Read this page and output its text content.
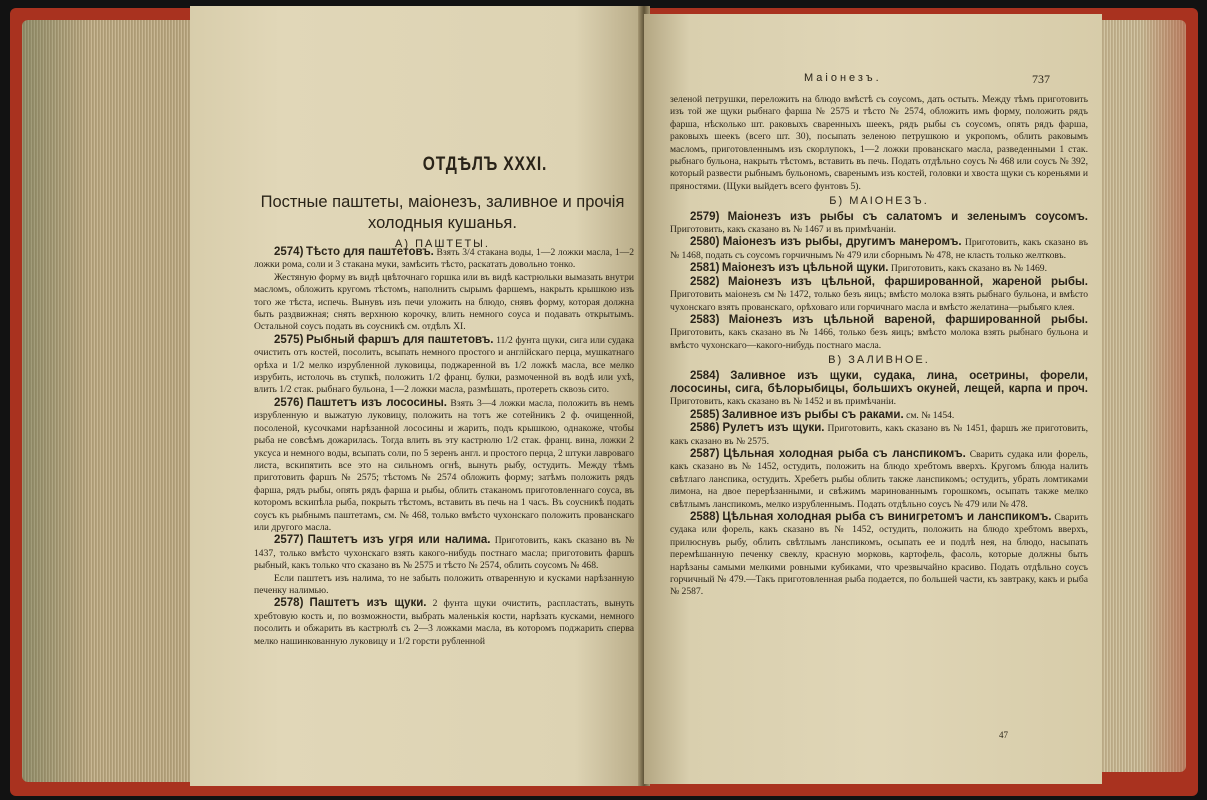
ОТДѢЛЪ XXXI.
Постные паштеты, маіонезъ, заливное и прочія холодныя кушанья.
А) ПАШТЕТЫ.

2574) Тѣсто для паштетовъ. Взять 3/4 стакана воды, 1—2 ложки масла, 1—2 ложки рома, соли и 3 стакана муки, замѣсить тѣсто, раскатать довольно тонко.

Жестяную форму въ видѣ цвѣточнаго горшка или въ видѣ кастрюльки вымазать внутри масломъ, обложить кругомъ тѣстомъ, наполнить сырымъ фаршемъ, накрыть крышкою изъ того же тѣста, испечь. Вынувъ изъ печи уложить на блюдо, снявъ форму, которая должна быть раздвижная; снять верхнюю корочку, влить немного соуса и подавать открытымъ. Остальной соусъ подать въ соусникѣ см. отдѣлъ XI.

2575) Рыбный фаршъ для паштетовъ. 11/2 фунта щуки, сига или судака очистить отъ костей, посолить, всыпать немного простого и англійскаго перца, мушкатнаго орѣха и 1/2 мелко изрубленной луковицы, поджаренной въ 1/2 ложкѣ масла, все мелко изрубить, истолочь въ ступкѣ, положить 1/2 франц. булки, размоченной въ водѣ или ухѣ, влить 1/2 стак. рыбнаго бульона, 1—2 ложки масла, размѣшать, протереть сквозь сито.

2576) Паштетъ изъ лососины. Взять 3—4 ложки масла, положить въ немъ изрубленную и выжатую луковицу, положить на тотъ же сотейникъ 2 ф. очищенной, посоленой, кусочками нарѣзанной лососины и жарить, подъ крышкою, однакоже, чтобы рыба не совсѣмъ дожарилась. Тогда влить въ эту кастрюлю 1/2 стак. франц. вина, ложки 2 уксуса и немного воды, всыпать соли, по 5 зеренъ англ. и простого перца, 2 штуки лавроваго листа, вскипятить все это на сильномъ огнѣ, вынуть рыбу, остудить. Между тѣмъ приготовить фаршъ № 2575; тѣстомъ № 2574 обложить форму; затѣмъ положить рядъ фарша, рядъ рыбы, опять рядъ фарша и рыбы, облить стаканомъ приготовленнаго соуса, въ которомъ вскипѣла рыба, покрыть тѣстомъ, вставить въ печь на 1 часъ. Въ соусникѣ подать соусъ къ рыбнымъ паштетамъ, см. № 468, только вмѣсто чухонскаго положить прованскаго или другого масла.

2577) Паштетъ изъ угря или налима. Приготовить, какъ сказано въ № 1437, только вмѣсто чухонскаго взять какого-нибудь постнаго масла; приготовить фаршъ рыбный, какъ только что сказано въ № 2575 и тѣсто № 2574, облить соусомъ № 468.

Если паштетъ изъ налима, то не забыть положить отваренную и кусками нарѣзанную печенку налимью.

2578) Паштетъ изъ щуки. 2 фунта щуки очистить, распластать, вынуть хребтовую кость и, по возможности, выбрать маленькія кости, нарѣзать кусками, немного посолить и обжарить въ кастрюлѣ съ 2—3 ложками масла, въ которомъ поджарить сперва мелко нашинкованную луковицу и 1/2 горсти рубленной

Маіонезъ.	737

зеленой петрушки, переложить на блюдо вмѣстѣ съ соусомъ, дать остыть. Между тѣмъ приготовить изъ той же щуки рыбнаго фарша № 2575 и тѣсто № 2574, обложить имъ форму, положить рядъ фарша, нѣсколько шт. раковыхъ сваренныхъ шеекъ, рядъ рыбы съ соусомъ, опять рядъ фарша, раковыхъ шеекъ (всего шт. 30), посыпать зеленою петрушкою и укропомъ, облить раковымъ масломъ, приготовленнымъ изъ скорлупокъ, 1—2 ложки прованскаго масла, разведенными 1 стак. рыбнаго бульона, накрыть тѣстомъ, вставить въ печь. Подать отдѣльно соусъ № 468 или соусъ № 392, который развести рыбнымъ бульономъ, сваренымъ изъ костей, головки и хвоста щуки съ кореньями и пряностями. (Щуки выйдетъ всего фунтовъ 5).

Б) МАІОНЕЗЪ.

2579) Маіонезъ изъ рыбы съ салатомъ и зеленымъ соусомъ. Приготовить, какъ сказано въ № 1467 и въ примѣчаніи.

2580) Маіонезъ изъ рыбы, другимъ манеромъ. Приготовить, какъ сказано въ № 1468, подать съ соусомъ горчичнымъ № 479 или сборнымъ № 478, не класть только желтковъ.

2581) Маіонезъ изъ цѣльной щуки. Приготовить, какъ сказано въ № 1469.

2582) Маіонезъ изъ цѣльной, фаршированной, жареной рыбы. Приготовить маіонезъ см № 1472, только безъ яицъ; вмѣсто молока взять рыбнаго бульона, и вмѣсто чухонскаго взять прованскаго, орѣховаго или горчичнаго масла и вмѣсто желатина—рыбьяго клея.

2583) Маіонезъ изъ цѣльной вареной, фаршированной рыбы. Приготовить, какъ сказано въ № 1466, только безъ яицъ; вмѣсто молока взять рыбнаго бульона и вмѣсто чухонскаго—какого-нибудь постнаго масла.

В) ЗАЛИВНОЕ.

2584) Заливное изъ щуки, судака, лина, осетрины, форели, лососины, сига, бѣлорыбицы, большихъ окуней, лещей, карпа и проч. Приготовить, какъ сказано въ № 1452 и въ примѣчаніи.

2585) Заливное изъ рыбы съ раками. см. № 1454.

2586) Рулетъ изъ щуки. Приготовить, какъ сказано въ № 1451, фаршъ же приготовить, какъ сказано въ № 2575.

2587) Цѣльная холодная рыба съ ланспикомъ. Сварить судака или форель, какъ сказано въ № 1452, остудить, положить на блюдо хребтомъ вверхъ. Кругомъ блюда налить свѣтлаго ланспика, остудить. Хребетъ рыбы облить также ланспикомъ; остудить, убрать ломтиками лимона, на двое перерѣзанными, и свѣжимъ маринованнымъ горошкомъ, осыпать также мелко свѣтлымъ ланспикомъ, мелко изрубленнымъ. Подать отдѣльно соусъ № 479 или № 478.

2588) Цѣльная холодная рыба съ винигретомъ и ланспикомъ. Сварить судака или форель, какъ сказано въ № 1452, остудить, положить на блюдо хребтомъ вверхъ, прилюснувъ рыбу, облить свѣтлымъ ланспикомъ, осыпать ее и подлѣ нея, на блюдо, насыпать перемѣшанную печенку свеклу, красную морковь, картофель, фасоль, которые должны быть нарѣзаны самыми мелкими ровными кубиками, что чрезвычайно красиво. Подать отдѣльно соусъ горчичный № 479.—Такъ приготовленная рыба подается, по большей части, къ завтраку, какъ и рыба № 2587.

47
